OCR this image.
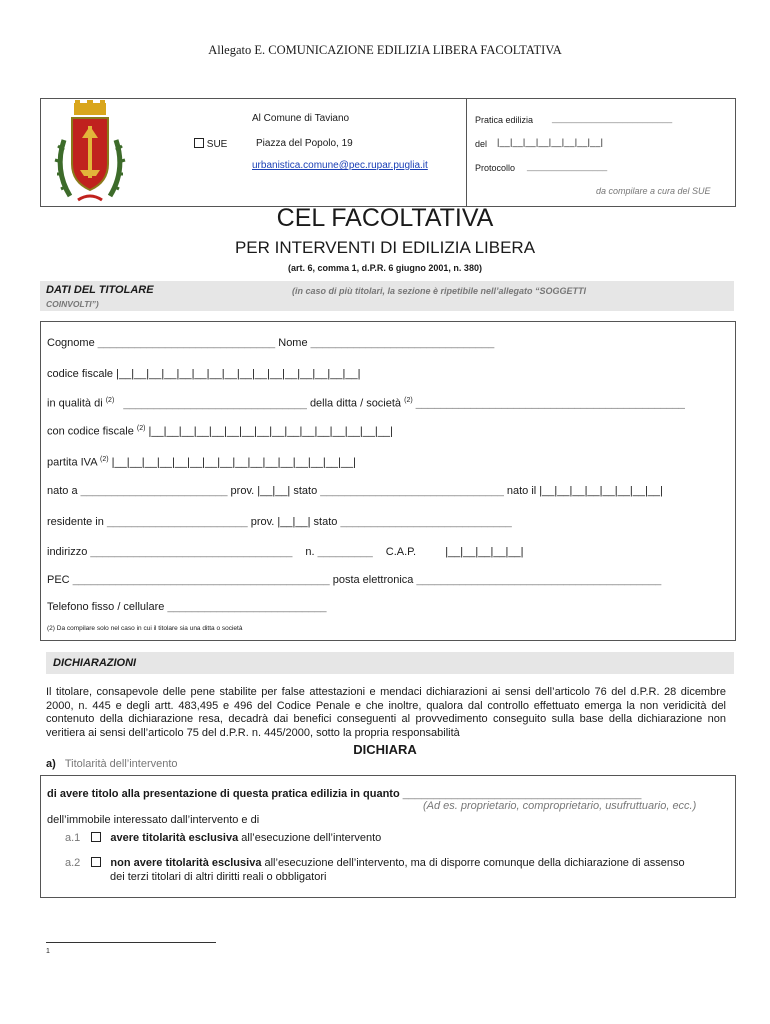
Allegato E. COMUNICAZIONE EDILIZIA LIBERA FACOLTATIVA
Al Comune di Taviano
SUE	Piazza del Popolo, 19
urbanistica.comune@pec.rupar.puglia.it
Pratica edilizia ________________________
del |__|__|__|__|__|__|__|__|
Protocollo ________________
da compilare a cura del SUE
CEL FACOLTATIVA
PER INTERVENTI DI EDILIZIA LIBERA
(art. 6, comma 1, d.P.R. 6 giugno 2001, n. 380)
DATI DEL TITOLARE	(in caso di più titolari, la sezione è ripetibile nell’allegato “SOGGETTI
COINVOLTI”)
Cognome _____________________________ Nome ______________________________
codice fiscale |__|__|__|__|__|__|__|__|__|__|__|__|__|__|__|__|
in qualità di $^{(2)}$ ______________________________ della ditta / società $^{(2)}$ ____________________________________________
con codice fiscale $^{(2)}$ |__|__|__|__|__|__|__|__|__|__|__|__|__|__|__|__|
partita IVA $^{(2)}$ |__|__|__|__|__|__|__|__|__|__|__|__|__|__|__|__|
nato a ________________________ prov. |__|__| stato ______________________________ nato il |__|__|__|__|__|__|__|__|
residente in _______________________ prov. |__|__| stato ____________________________
indirizzo _________________________________ n. _________ C.A.P.	|__|__|__|__|__|
PEC __________________________________________ posta elettronica ________________________________________
Telefono fisso / cellulare __________________________
(2) Da compilare solo nel caso in cui il titolare sia una ditta o società
DICHIARAZIONI
Il titolare, consapevole delle pene stabilite per false attestazioni e mendaci dichiarazioni ai sensi dell’articolo 76 del d.P.R. 28 dicembre 2000, n. 445 e degli artt. 483,495 e 496 del Codice Penale e che inoltre, qualora dal controllo effettuato emerga la non veridicità del contenuto della dichiarazione resa, decadrà dai benefici conseguenti al provvedimento conseguito sulla base della dichiarazione non veritiera ai sensi dell’articolo 75 del d.P.R. n. 445/2000, sotto la propria responsabilità
DICHIARA
a) Titolarità dell’intervento
di avere titolo alla presentazione di questa pratica edilizia in quanto _______________________________________
(Ad es. proprietario, comproprietario, usufruttuario, ecc.)
dell’immobile interessato dall’intervento e di
a.1	avere titolarità esclusiva all’esecuzione dell’intervento
a.2	non avere titolarità esclusiva all’esecuzione dell’intervento, ma di disporre comunque della dichiarazione di assenso
dei terzi titolari di altri diritti reali o obbligatori
1
